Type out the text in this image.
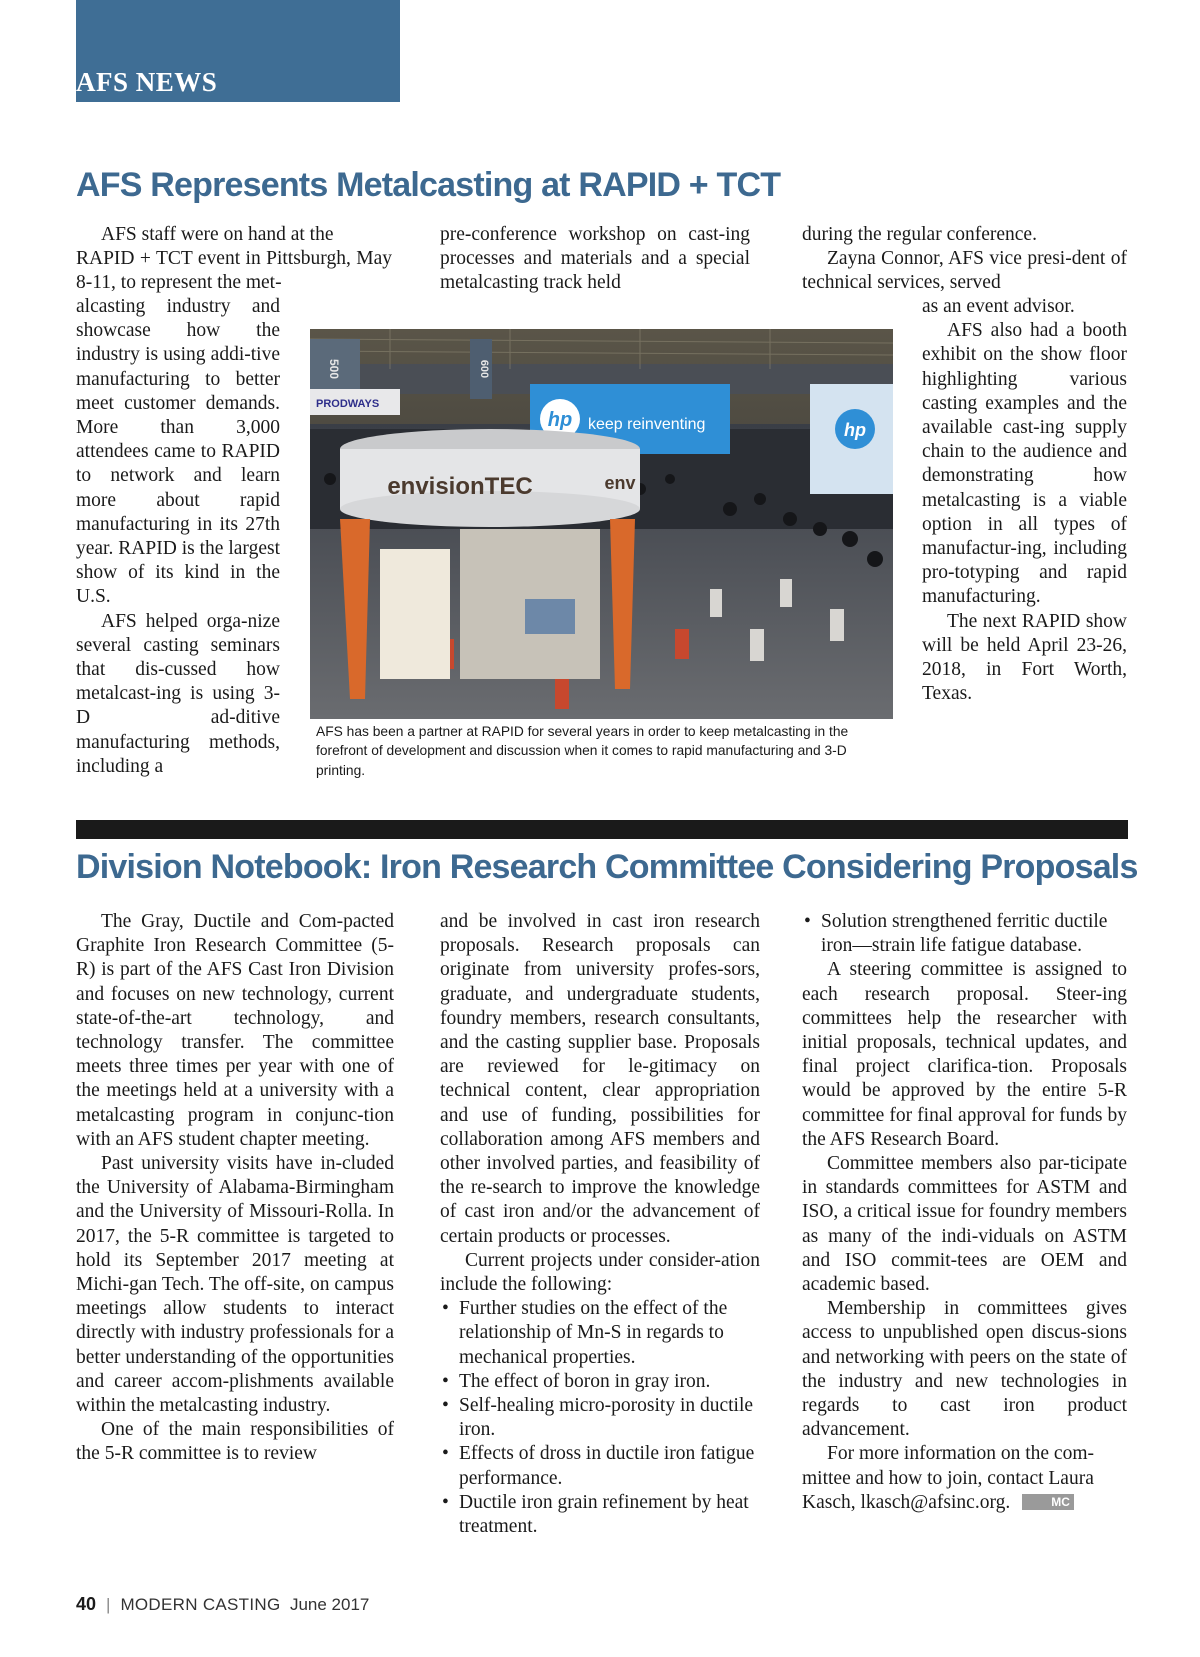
AFS NEWS
AFS Represents Metalcasting at RAPID + TCT

AFS staff were on hand at the

RAPID + TCT event in Pittsburgh, May 8-11, to represent the met-

alcasting industry and showcase how the industry is using addi-tive manufacturing to better meet customer demands. More than 3,000 attendees came to RAPID to network and learn more about rapid manufacturing in its 27th year. RAPID is the largest show of its kind in the U.S.

AFS helped orga-nize several casting seminars that dis-cussed how metalcast-ing is using 3-D ad-ditive manufacturing methods, including a

pre-conference workshop on cast-ing processes and materials and a special metalcasting track held

during the regular conference.

Zayna Connor, AFS vice presi-dent of technical services, served

as an event advisor.

AFS also had a booth exhibit on the show floor highlighting various casting examples and the available cast-ing supply chain to the audience and demonstrating how metalcasting is a viable option in all types of manufactur-ing, including pro-totyping and rapid manufacturing.

The next RAPID show will be held April 23-26, 2018, in Fort Worth, Texas.

500	600
PRODWAYS
hp keep reinventing	hp
envisionTEC	env
AFS has been a partner at RAPID for several years in order to keep metalcasting in the forefront of development and discussion when it comes to rapid manufacturing and 3-D printing.
Division Notebook: Iron Research Committee Considering Proposals

The Gray, Ductile and Com-pacted Graphite Iron Research Committee (5-R) is part of the AFS Cast Iron Division and focuses on new technology, current state-of-the-art technology, and technology transfer. The committee meets three times per year with one of the meetings held at a university with a metalcasting program in conjunc-tion with an AFS student chapter meeting.

Past university visits have in-cluded the University of Alabama-Birmingham and the University of Missouri-Rolla. In 2017, the 5-R committee is targeted to hold its September 2017 meeting at Michi-gan Tech. The off-site, on campus meetings allow students to interact directly with industry professionals for a better understanding of the opportunities and career accom-plishments available within the metalcasting industry.

One of the main responsibilities of the 5-R committee is to review

and be involved in cast iron research proposals. Research proposals can originate from university profes-sors, graduate, and undergraduate students, foundry members, research consultants, and the casting supplier base. Proposals are reviewed for le-gitimacy on technical content, clear appropriation and use of funding, possibilities for collaboration among AFS members and other involved parties, and feasibility of the re-search to improve the knowledge of cast iron and/or the advancement of certain products or processes.

Current projects under consider-ation include the following:

• Further studies on the effect of the relationship of Mn-S in regards to mechanical properties.
• The effect of boron in gray iron.
• Self-healing micro-porosity in ductile iron.
• Effects of dross in ductile iron fatigue performance.
• Ductile iron grain refinement by heat treatment.
• Solution strengthened ferritic ductile iron—strain life fatigue database.

A steering committee is assigned to each research proposal. Steer-ing committees help the researcher with initial proposals, technical updates, and final project clarifica-tion. Proposals would be approved by the entire 5-R committee for final approval for funds by the AFS Research Board.

Committee members also par-ticipate in standards committees for ASTM and ISO, a critical issue for foundry members as many of the indi-viduals on ASTM and ISO commit-tees are OEM and academic based.

Membership in committees gives access to unpublished open discus-sions and networking with peers on the state of the industry and new technologies in regards to cast iron product advancement.

For more information on the com-mittee and how to join, contact Laura Kasch, lkasch@afsinc.org.	MC

40 | MODERN CASTING June 2017
